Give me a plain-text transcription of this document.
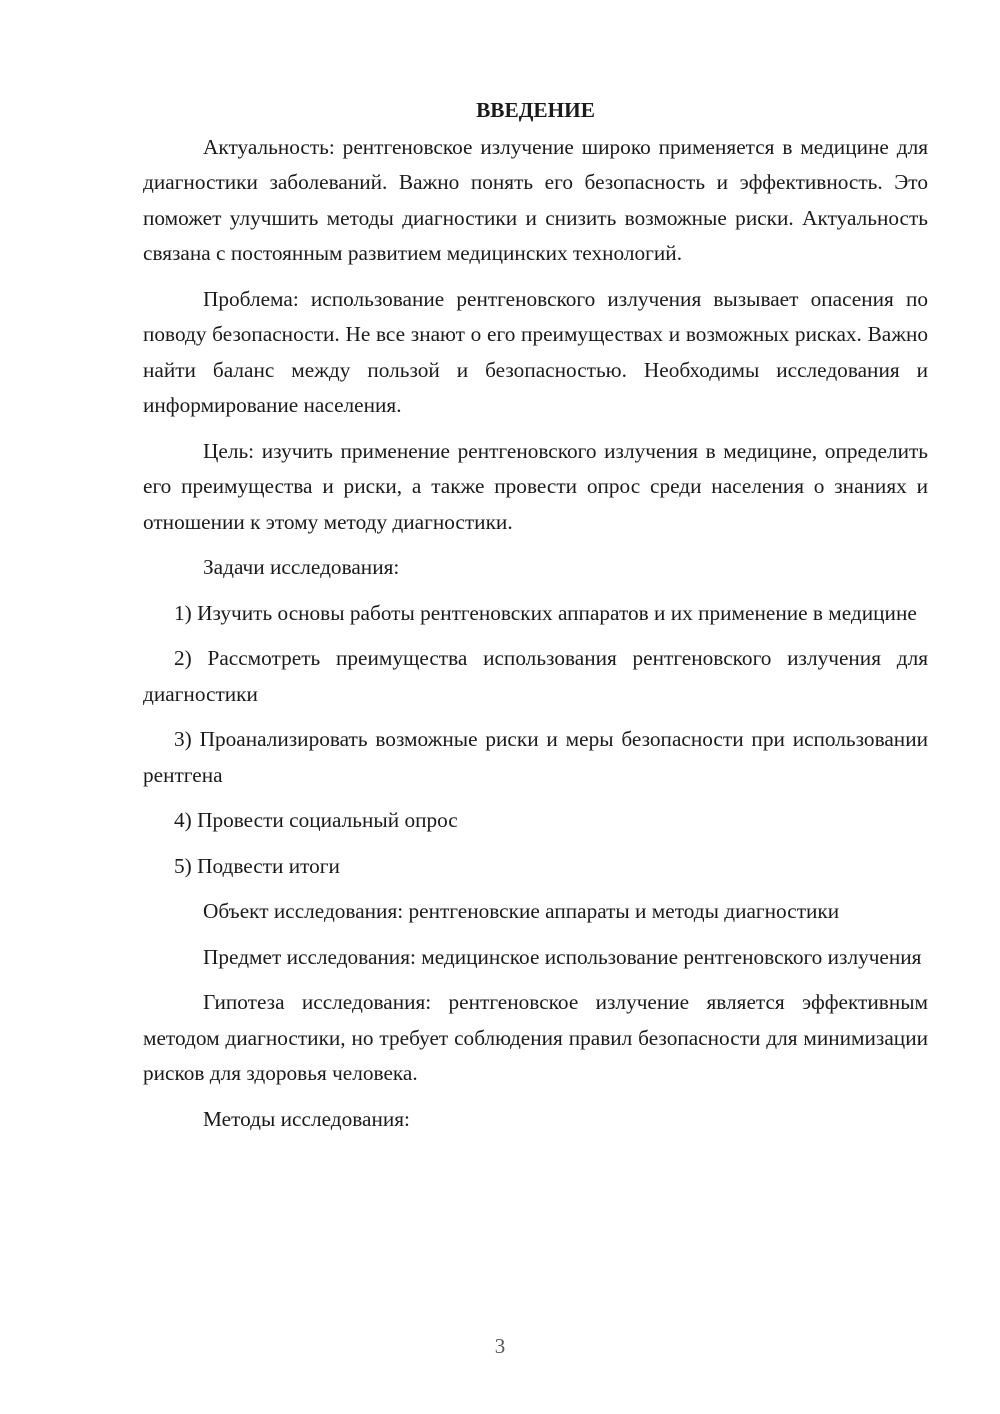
ВВЕДЕНИЕ

Актуальность: рентгеновское излучение широко применяется в медицине для диагностики заболеваний. Важно понять его безопасность и эффективность. Это поможет улучшить методы диагностики и снизить возможные риски. Актуальность связана с постоянным развитием медицинских технологий.

Проблема: использование рентгеновского излучения вызывает опасения по поводу безопасности. Не все знают о его преимуществах и возможных рисках. Важно найти баланс между пользой и безопасностью. Необходимы исследования и информирование населения.

Цель: изучить применение рентгеновского излучения в медицине, определить его преимущества и риски, а также провести опрос среди населения о знаниях и отношении к этому методу диагностики.

Задачи исследования:

1) Изучить основы работы рентгеновских аппаратов и их применение в медицине

2) Рассмотреть преимущества использования рентгеновского излучения для диагностики

3) Проанализировать возможные риски и меры безопасности при использовании рентгена

4) Провести социальный опрос

5) Подвести итоги

Объект исследования: рентгеновские аппараты и методы диагностики

Предмет исследования: медицинское использование рентгеновского излучения

Гипотеза исследования: рентгеновское излучение является эффективным методом диагностики, но требует соблюдения правил безопасности для минимизации рисков для здоровья человека.

Методы исследования:

3
